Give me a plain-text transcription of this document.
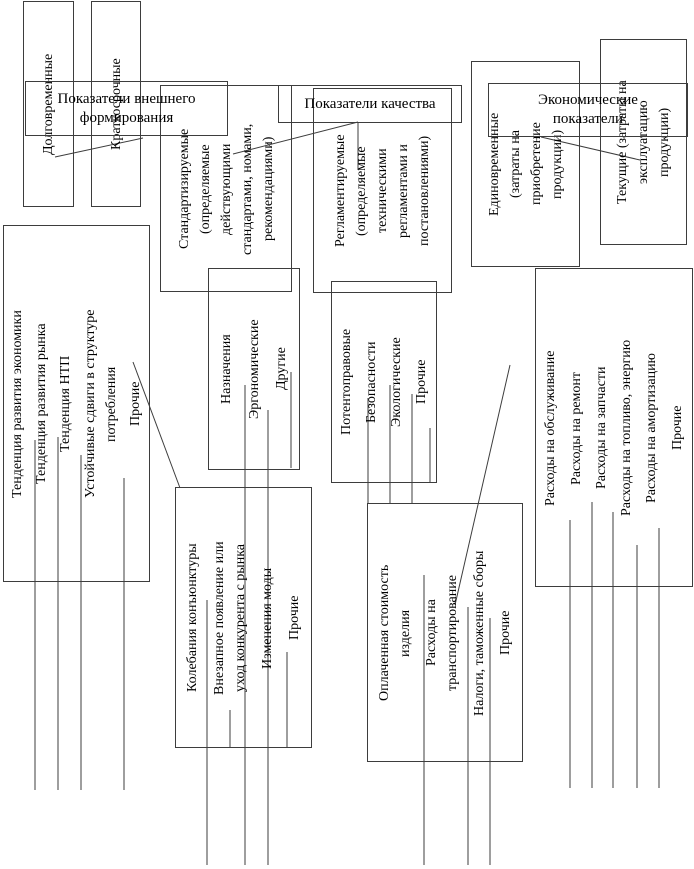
Долговременные	Краткосрочные
Стандартизируемые (определяемые действующими стандартами, номами, рекомендациями)	Регламентируемые (определяемые техническими регламентами и постановлениями)	Единовременные (затраты на приобретение продукции)	Текущие (затраты на эксплуатацию продукции)
Показатели внешнего формирования
Показатели качества	Экономические показатели
Тенденция развития экономики Тенденция развития рынка Тенденция НТП Устойчивые сдвиги в структуре потребления Прочие
Колебания конъюнктуры Внезапное появление или уход конкурента с рынка Изменения моды Прочие
Назначения Эргономические Другие	Потентоправовые Безопасности Экологические Прочие
Оплаченная стоимость изделия Расходы на транспортирование Налоги, таможенные сборы Прочие
Расходы на обслуживание Расходы на ремонт Расходы на запчасти Расходы на топливо, энергию Расходы на амортизацию Прочие
